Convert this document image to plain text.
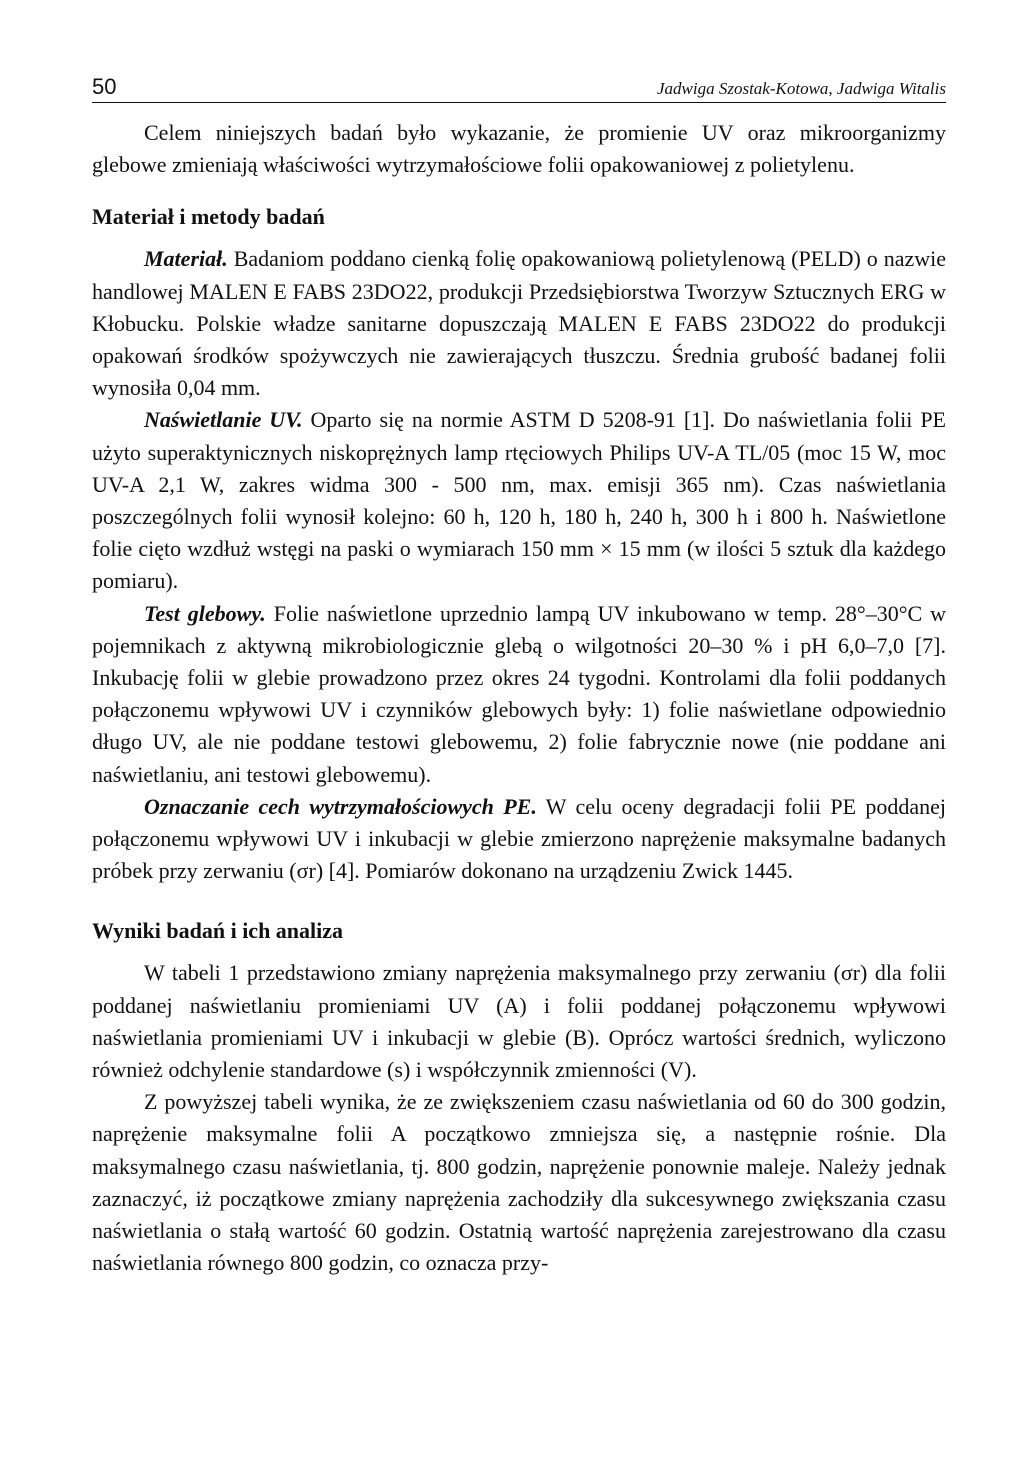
50	Jadwiga Szostak-Kotowa, Jadwiga Witalis

Celem niniejszych badań było wykazanie, że promienie UV oraz mikroorganizmy glebowe zmieniają właściwości wytrzymałościowe folii opakowaniowej z polietylenu.

Materiał i metody badań

Materiał. Badaniom poddano cienką folię opakowaniową polietylenową (PELD) o nazwie handlowej MALEN E FABS 23DO22, produkcji Przedsiębiorstwa Tworzyw Sztucznych ERG w Kłobucku. Polskie władze sanitarne dopuszczają MALEN E FABS 23DO22 do produkcji opakowań środków spożywczych nie zawierających tłuszczu. Średnia grubość badanej folii wynosiła 0,04 mm.

Naświetlanie UV. Oparto się na normie ASTM D 5208-91 [1]. Do naświetlania folii PE użyto superaktynicznych niskoprężnych lamp rtęciowych Philips UV-A TL/05 (moc 15 W, moc UV-A 2,1 W, zakres widma 300 - 500 nm, max. emisji 365 nm). Czas naświetlania poszczególnych folii wynosił kolejno: 60 h, 120 h, 180 h, 240 h, 300 h i 800 h. Naświetlone folie cięto wzdłuż wstęgi na paski o wymiarach 150 mm × 15 mm (w ilości 5 sztuk dla każdego pomiaru).

Test glebowy. Folie naświetlone uprzednio lampą UV inkubowano w temp. 28°–30°C w pojemnikach z aktywną mikrobiologicznie glebą o wilgotności 20–30 % i pH 6,0–7,0 [7]. Inkubację folii w glebie prowadzono przez okres 24 tygodni. Kontrolami dla folii poddanych połączonemu wpływowi UV i czynników glebowych były: 1) folie naświetlane odpowiednio długo UV, ale nie poddane testowi glebowemu, 2) folie fabrycznie nowe (nie poddane ani naświetlaniu, ani testowi glebowemu).

Oznaczanie cech wytrzymałościowych PE. W celu oceny degradacji folii PE poddanej połączonemu wpływowi UV i inkubacji w glebie zmierzono naprężenie maksymalne badanych próbek przy zerwaniu (σr) [4]. Pomiarów dokonano na urządzeniu Zwick 1445.

Wyniki badań i ich analiza

W tabeli 1 przedstawiono zmiany naprężenia maksymalnego przy zerwaniu (σr) dla folii poddanej naświetlaniu promieniami UV (A) i folii poddanej połączonemu wpływowi naświetlania promieniami UV i inkubacji w glebie (B). Oprócz wartości średnich, wyliczono również odchylenie standardowe (s) i współczynnik zmienności (V).

Z powyższej tabeli wynika, że ze zwiększeniem czasu naświetlania od 60 do 300 godzin, naprężenie maksymalne folii A początkowo zmniejsza się, a następnie rośnie. Dla maksymalnego czasu naświetlania, tj. 800 godzin, naprężenie ponownie maleje. Należy jednak zaznaczyć, iż początkowe zmiany naprężenia zachodziły dla sukcesywnego zwiększania czasu naświetlania o stałą wartość 60 godzin. Ostatnią wartość naprężenia zarejestrowano dla czasu naświetlania równego 800 godzin, co oznacza przy-
